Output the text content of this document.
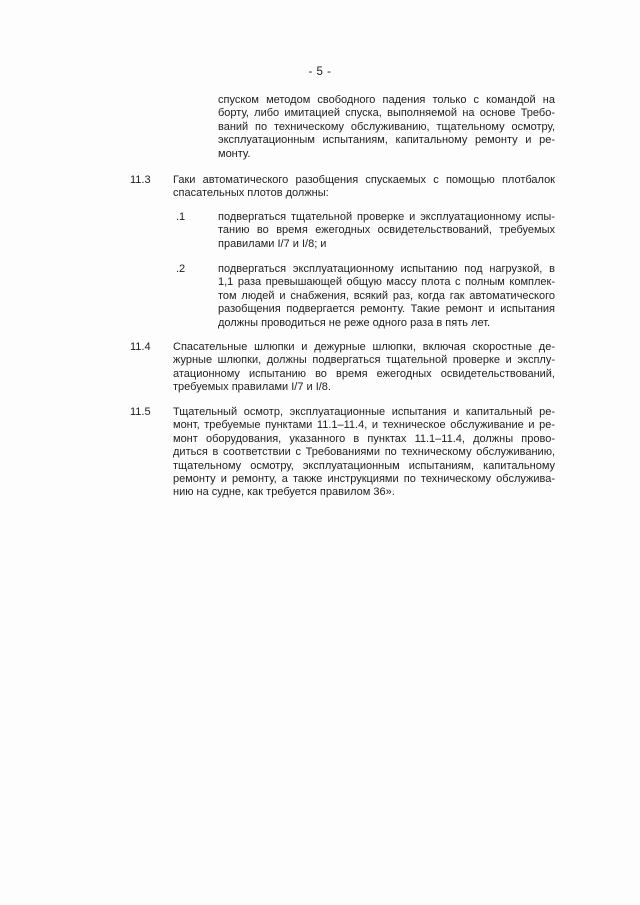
- 5 -
спуском методом свободного падения только с командой на
борту, либо имитацией спуска, выполняемой на основе Требо-
ваний по техническому обслуживанию, тщательному осмотру,
эксплуатационным испытаниям, капитальному ремонту и ре-
монту.
11.3 Гаки автоматического разобщения спускаемых с помощью плотбалок
спасательных плотов должны:
.1	подвергаться тщательной проверке и эксплуатационному испы-
танию во время ежегодных освидетельствований, требуемых
правилами I/7 и I/8; и
.2	подвергаться эксплуатационному испытанию под нагрузкой, в
1,1 раза превышающей общую массу плота с полным комплек-
том людей и снабжения, всякий раз, когда гак автоматического
разобщения подвергается ремонту. Такие ремонт и испытания
должны проводиться не реже одного раза в пять лет.
11.4 Спасательные шлюпки и дежурные шлюпки, включая скоростные де-
журные шлюпки, должны подвергаться тщательной проверке и эксплу-
атационному испытанию во время ежегодных освидетельствований,
требуемых правилами I/7 и I/8.
11.5 Тщательный осмотр, эксплуатационные испытания и капитальный ре-
монт, требуемые пунктами 11.1–11.4, и техническое обслуживание и ре-
монт оборудования, указанного в пунктах 11.1–11.4, должны прово-
диться в соответствии с Требованиями по техническому обслуживанию,
тщательному осмотру, эксплуатационным испытаниям, капитальному
ремонту и ремонту, а также инструкциями по техническому обслужива-
нию на судне, как требуется правилом 36».
